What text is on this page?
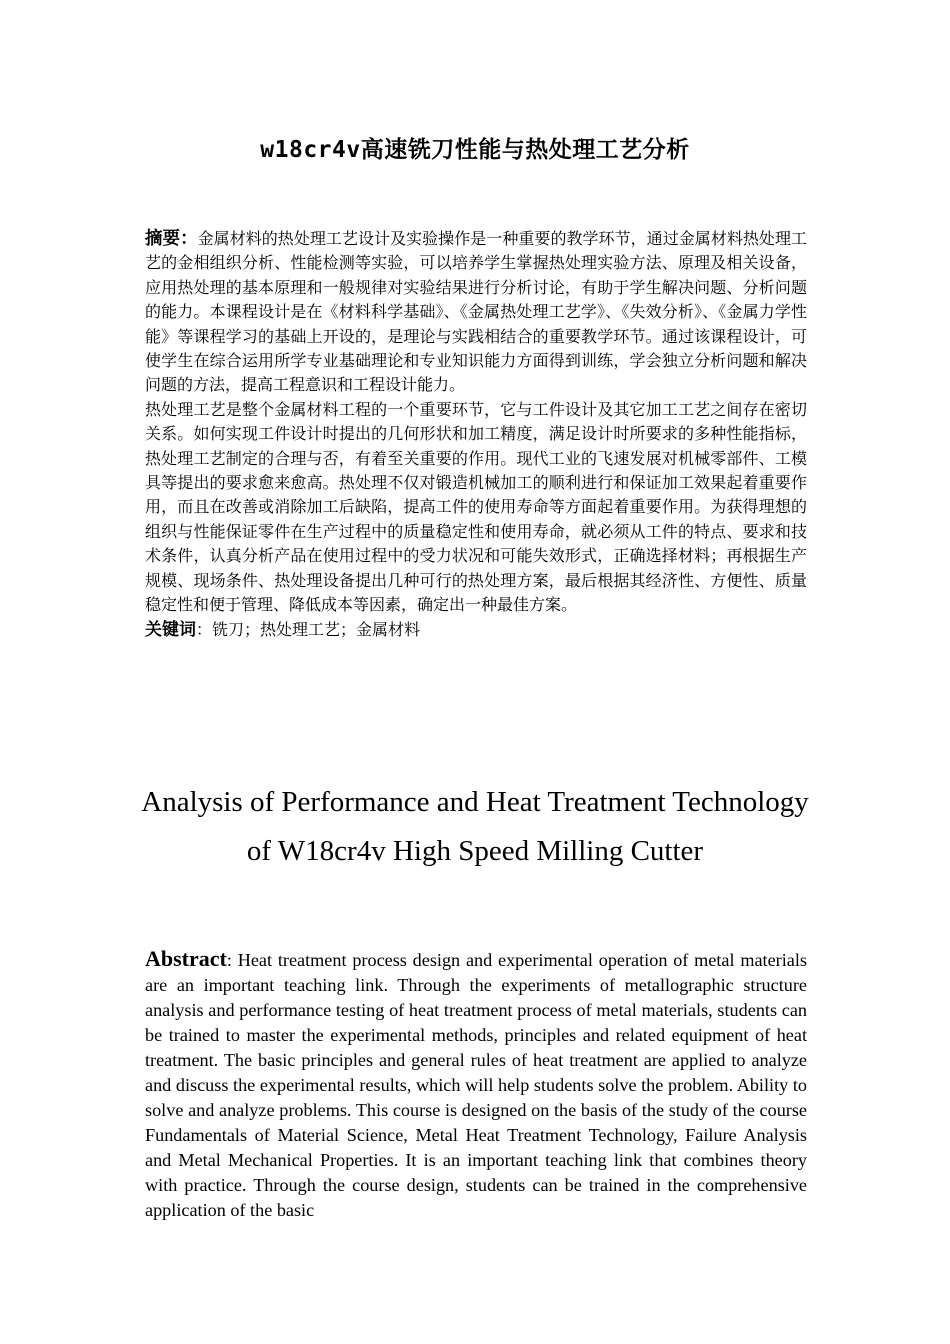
w18cr4v高速铣刀性能与热处理工艺分析

摘要：金属材料的热处理工艺设计及实验操作是一种重要的教学环节，通过金属材料热处理工艺的金相组织分析、性能检测等实验，可以培养学生掌握热处理实验方法、原理及相关设备，应用热处理的基本原理和一般规律对实验结果进行分析讨论，有助于学生解决问题、分析问题的能力。本课程设计是在《材料科学基础》、《金属热处理工艺学》、《失效分析》、《金属力学性能》等课程学习的基础上开设的，是理论与实践相结合的重要教学环节。通过该课程设计，可使学生在综合运用所学专业基础理论和专业知识能力方面得到训练，学会独立分析问题和解决问题的方法，提高工程意识和工程设计能力。

热处理工艺是整个金属材料工程的一个重要环节，它与工件设计及其它加工工艺之间存在密切关系。如何实现工件设计时提出的几何形状和加工精度，满足设计时所要求的多种性能指标，热处理工艺制定的合理与否，有着至关重要的作用。现代工业的飞速发展对机械零部件、工模具等提出的要求愈来愈高。热处理不仅对锻造机械加工的顺利进行和保证加工效果起着重要作用，而且在改善或消除加工后缺陷，提高工件的使用寿命等方面起着重要作用。为获得理想的组织与性能保证零件在生产过程中的质量稳定性和使用寿命，就必须从工件的特点、要求和技术条件，认真分析产品在使用过程中的受力状况和可能失效形式，正确选择材料；再根据生产规模、现场条件、热处理设备提出几种可行的热处理方案，最后根据其经济性、方便性、质量稳定性和便于管理、降低成本等因素，确定出一种最佳方案。

关键词：铣刀；热处理工艺；金属材料

Analysis of Performance and Heat Treatment Technology
of W18cr4v High Speed Milling Cutter

Abstract: Heat treatment process design and experimental operation of metal materials are an important teaching link. Through the experiments of metallographic structure analysis and performance testing of heat treatment process of metal materials, students can be trained to master the experimental methods, principles and related equipment of heat treatment. The basic principles and general rules of heat treatment are applied to analyze and discuss the experimental results, which will help students solve the problem. Ability to solve and analyze problems. This course is designed on the basis of the study of the course Fundamentals of Material Science, Metal Heat Treatment Technology, Failure Analysis and Metal Mechanical Properties. It is an important teaching link that combines theory with practice. Through the course design, students can be trained in the comprehensive application of the basic
